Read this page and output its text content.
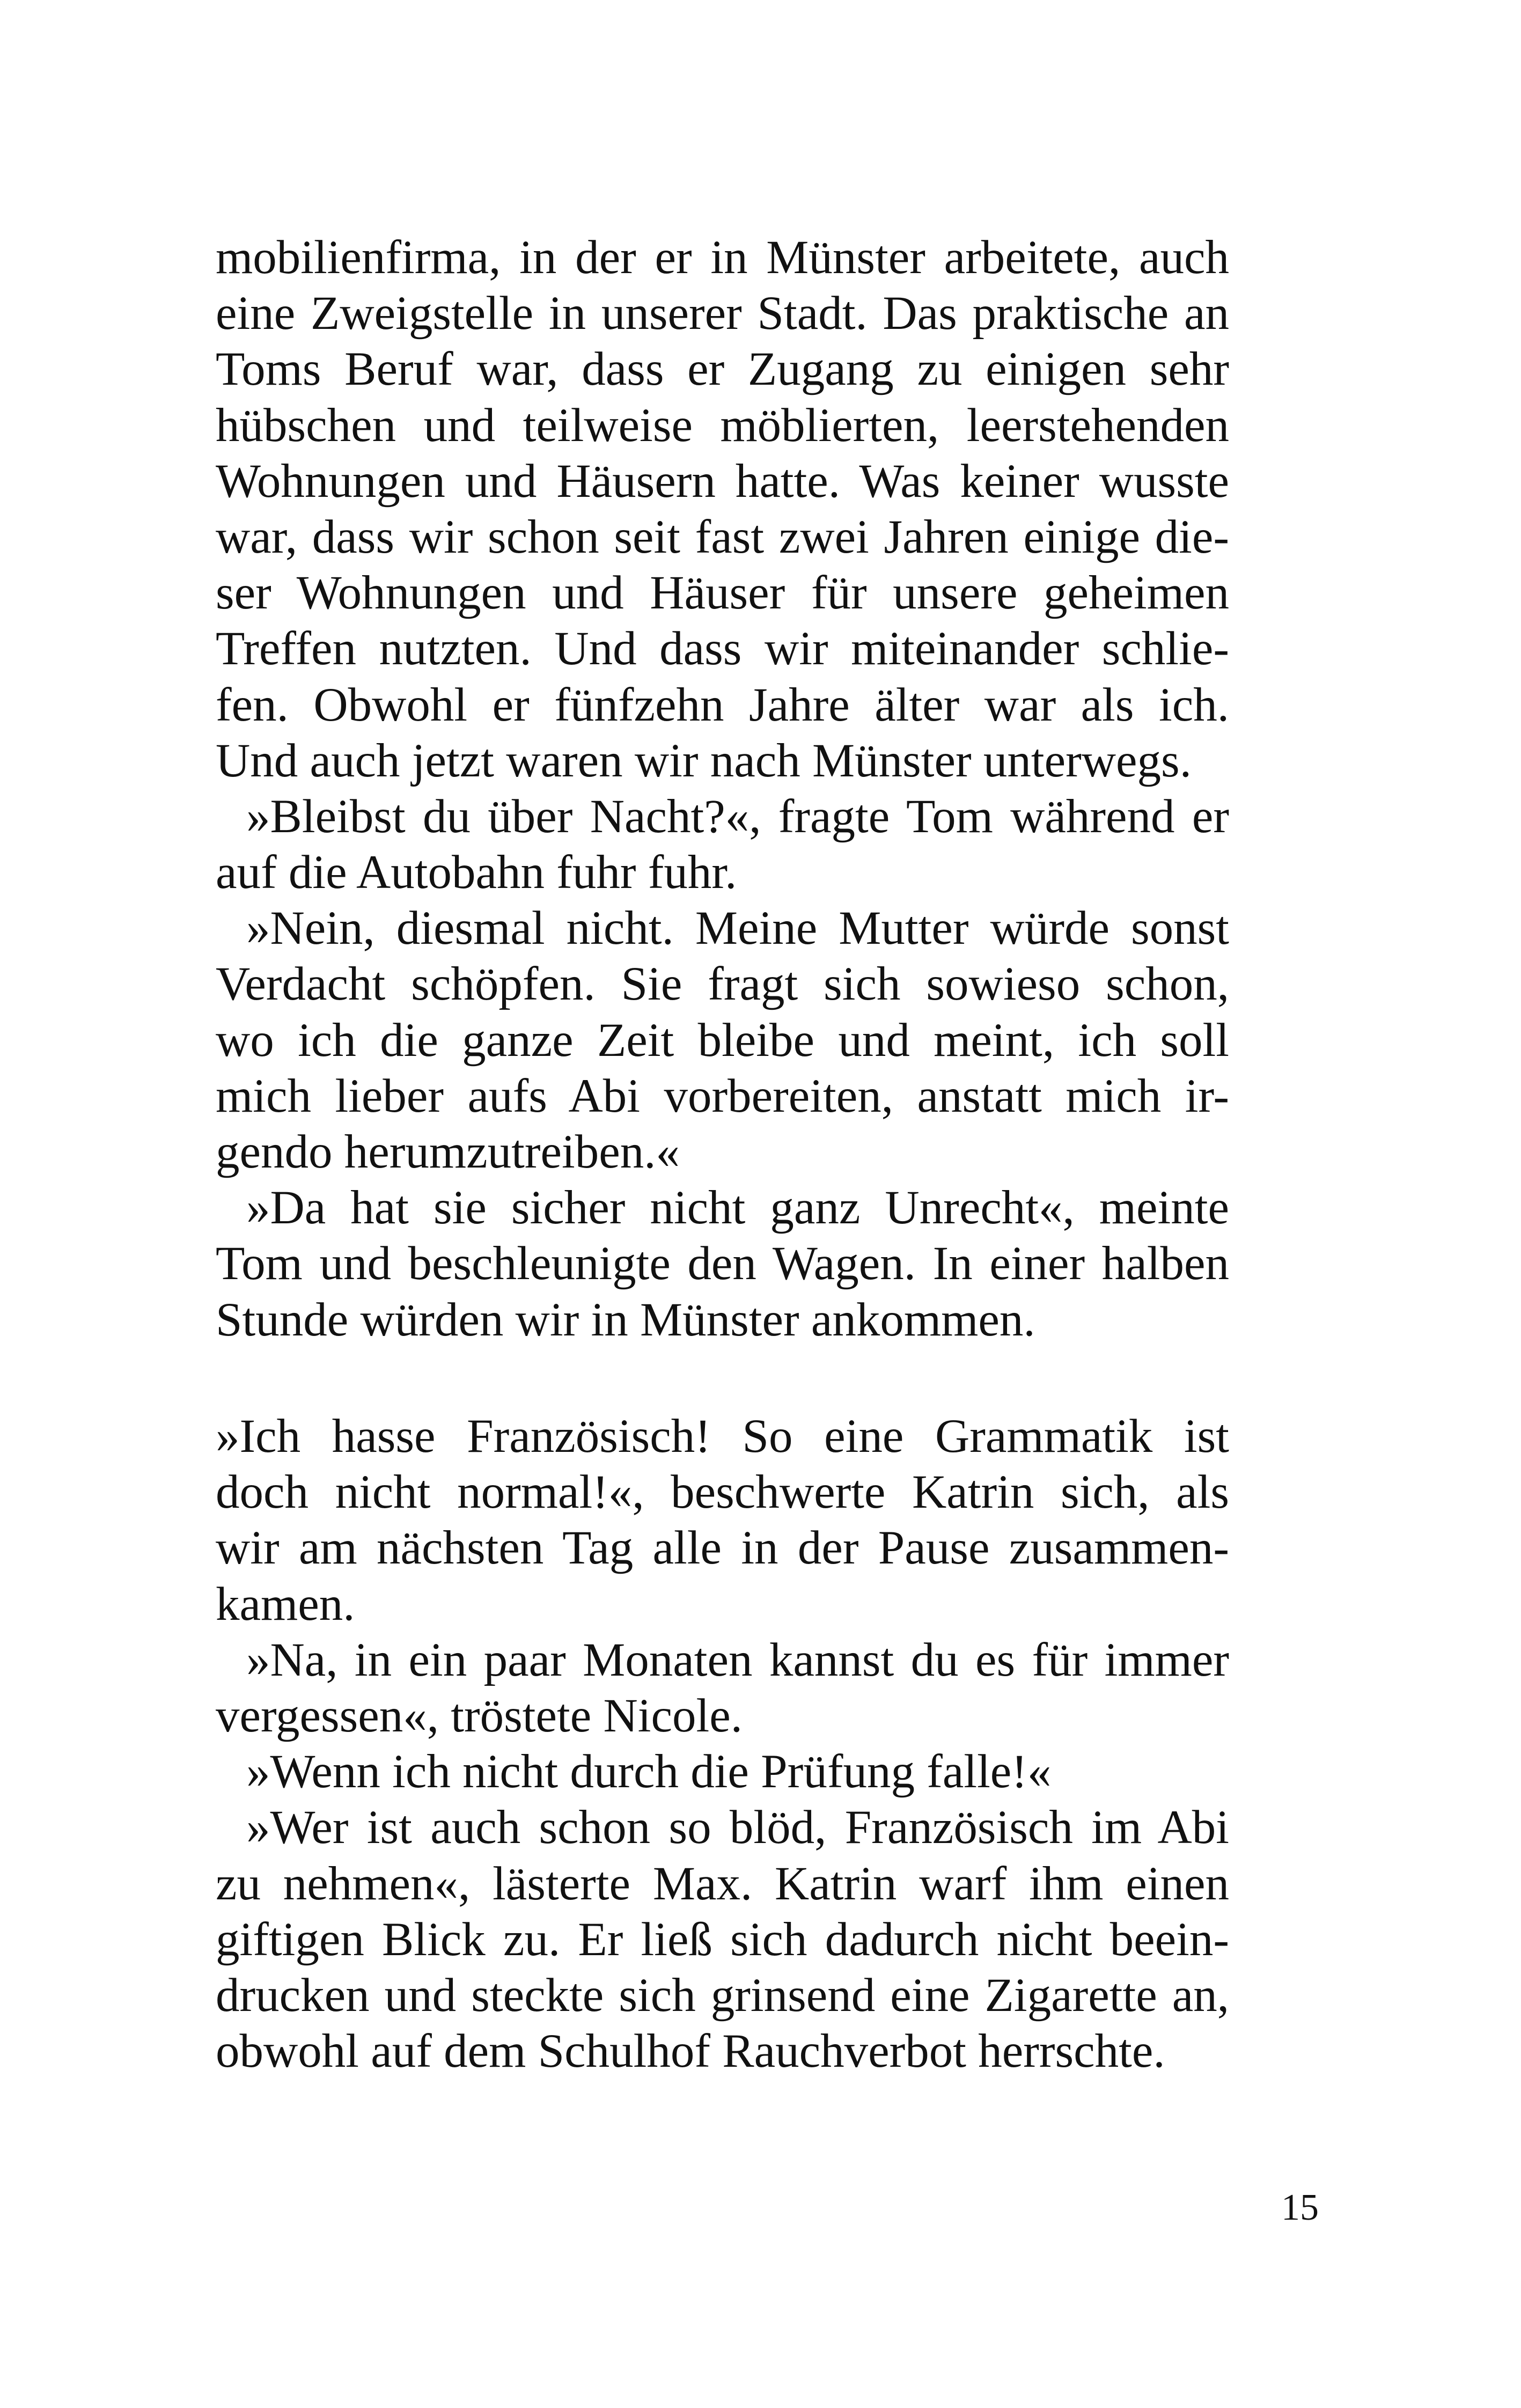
mobilienfirma, in der er in Münster arbeitete, auch
eine Zweigstelle in unserer Stadt. Das praktische an
Toms Beruf war, dass er Zugang zu einigen sehr
hübschen und teilweise möblierten, leerstehenden
Wohnungen und Häusern hatte. Was keiner wusste
war, dass wir schon seit fast zwei Jahren einige die-
ser Wohnungen und Häuser für unsere geheimen
Treffen nutzten. Und dass wir miteinander schlie-
fen. Obwohl er fünfzehn Jahre älter war als ich.
Und auch jetzt waren wir nach Münster unterwegs.
»Bleibst du über Nacht?«, fragte Tom während er
auf die Autobahn fuhr fuhr.
»Nein, diesmal nicht. Meine Mutter würde sonst
Verdacht schöpfen. Sie fragt sich sowieso schon,
wo ich die ganze Zeit bleibe und meint, ich soll
mich lieber aufs Abi vorbereiten, anstatt mich ir-
gendo herumzutreiben.«
»Da hat sie sicher nicht ganz Unrecht«, meinte
Tom und beschleunigte den Wagen. In einer halben
Stunde würden wir in Münster ankommen.
»Ich hasse Französisch! So eine Grammatik ist
doch nicht normal!«, beschwerte Katrin sich, als
wir am nächsten Tag alle in der Pause zusammen-
kamen.
»Na, in ein paar Monaten kannst du es für immer
vergessen«, tröstete Nicole.
»Wenn ich nicht durch die Prüfung falle!«
»Wer ist auch schon so blöd, Französisch im Abi
zu nehmen«, lästerte Max. Katrin warf ihm einen
giftigen Blick zu. Er ließ sich dadurch nicht beein-
drucken und steckte sich grinsend eine Zigarette an,
obwohl auf dem Schulhof Rauchverbot herrschte.
15
